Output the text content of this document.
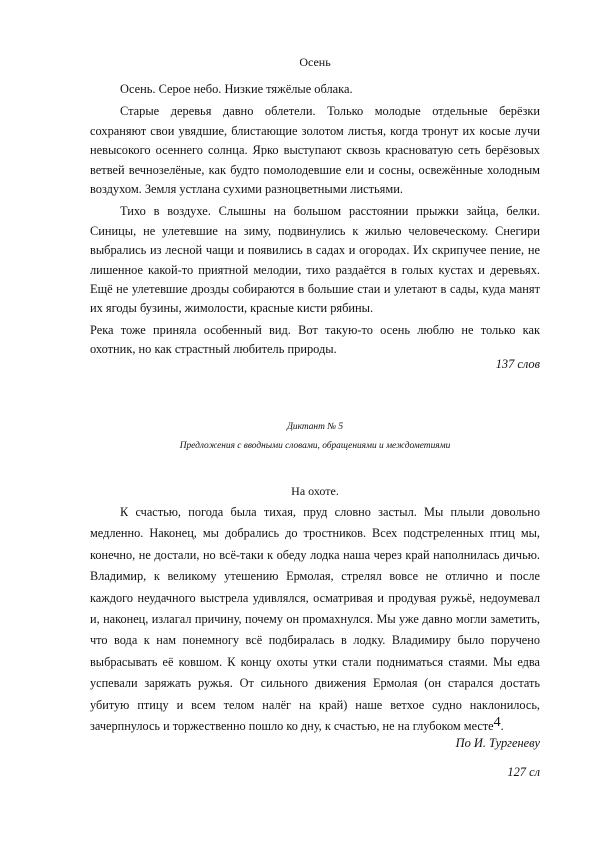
Осень

Осень. Серое небо. Низкие тяжёлые облака.

Старые деревья давно облетели. Только молодые отдельные берёзки сохраняют свои увядшие, блистающие золотом листья, когда тронут их косые лучи невысокого осеннего солнца. Ярко выступают сквозь красноватую сеть берёзовых ветвей вечнозелёные, как будто помолодевшие ели и сосны, освежённые холодным воздухом. Земля устлана сухими разноцветными листьями.

Тихо в воздухе. Слышны на большом расстоянии прыжки зайца, белки. Синицы, не улетевшие на зиму, подвинулись к жилью человеческому. Снегири выбрались из лесной чащи и появились в садах и огородах. Их скрипучее пение, не лишенное какой-то приятной мелодии, тихо раздаётся в голых кустах и деревьях. Ещё не улетевшие дрозды собираются в большие стаи и улетают в сады, куда манят их ягоды бузины, жимолости, красные кисти рябины.

Река тоже приняла особенный вид. Вот такую-то осень люблю не только как охотник, но как страстный любитель природы.

137 слов
Диктант № 5
Предложения с вводными словами, обращениями и междометиями
На охоте.

К счастью, погода была тихая, пруд словно застыл. Мы плыли довольно медленно. Наконец, мы добрались до тростников. Всех подстреленных птиц мы, конечно, не достали, но всё-таки к обеду лодка наша через край наполнилась дичью. Владимир, к великому утешению Ермолая, стрелял вовсе не отлично и после каждого неудачного выстрела удивлялся, осматривая и продувая ружьё, недоумевал и, наконец, излагал причину, почему он промахнулся. Мы уже давно могли заметить, что вода к нам понемногу всё подбиралась в лодку. Владимиру было поручено выбрасывать её ковшом. К концу охоты утки стали подниматься стаями. Мы едва успевали заряжать ружья. От сильного движения Ермолая (он старался достать убитую птицу и всем телом налёг на край) наше ветхое судно наклонилось, зачерпнулось и торжественно пошло ко дну, к счастью, не на глубоком месте$^4$.

По И. Тургеневу
127 сл
